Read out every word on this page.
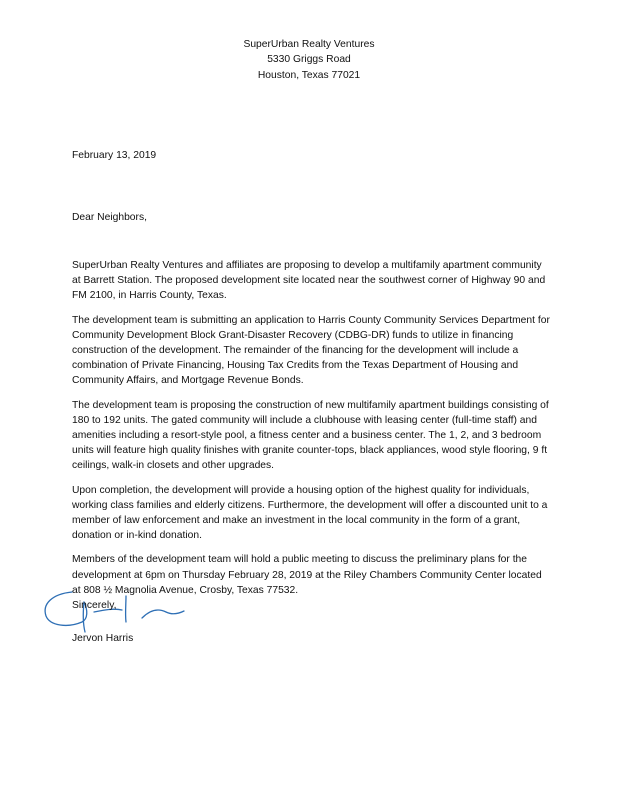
SuperUrban Realty Ventures
5330 Griggs Road
Houston, Texas 77021
February 13, 2019
Dear Neighbors,

SuperUrban Realty Ventures and affiliates are proposing to develop a multifamily apartment community at Barrett Station. The proposed development site located near the southwest corner of Highway 90 and FM 2100, in Harris County, Texas.

The development team is submitting an application to Harris County Community Services Department for Community Development Block Grant-Disaster Recovery (CDBG-DR) funds to utilize in financing construction of the development. The remainder of the financing for the development will include a combination of Private Financing, Housing Tax Credits from the Texas Department of Housing and Community Affairs, and Mortgage Revenue Bonds.

The development team is proposing the construction of new multifamily apartment buildings consisting of 180 to 192 units. The gated community will include a clubhouse with leasing center (full-time staff) and amenities including a resort-style pool, a fitness center and a business center. The 1, 2, and 3 bedroom units will feature high quality finishes with granite counter-tops, black appliances, wood style flooring, 9 ft ceilings, walk-in closets and other upgrades.

Upon completion, the development will provide a housing option of the highest quality for individuals, working class families and elderly citizens. Furthermore, the development will offer a discounted unit to a member of law enforcement and make an investment in the local community in the form of a grant, donation or in-kind donation.

Members of the development team will hold a public meeting to discuss the preliminary plans for the development at 6pm on Thursday February 28, 2019 at the Riley Chambers Community Center located at 808 ½ Magnolia Avenue, Crosby, Texas 77532.

Sincerely,
Jervon Harris
